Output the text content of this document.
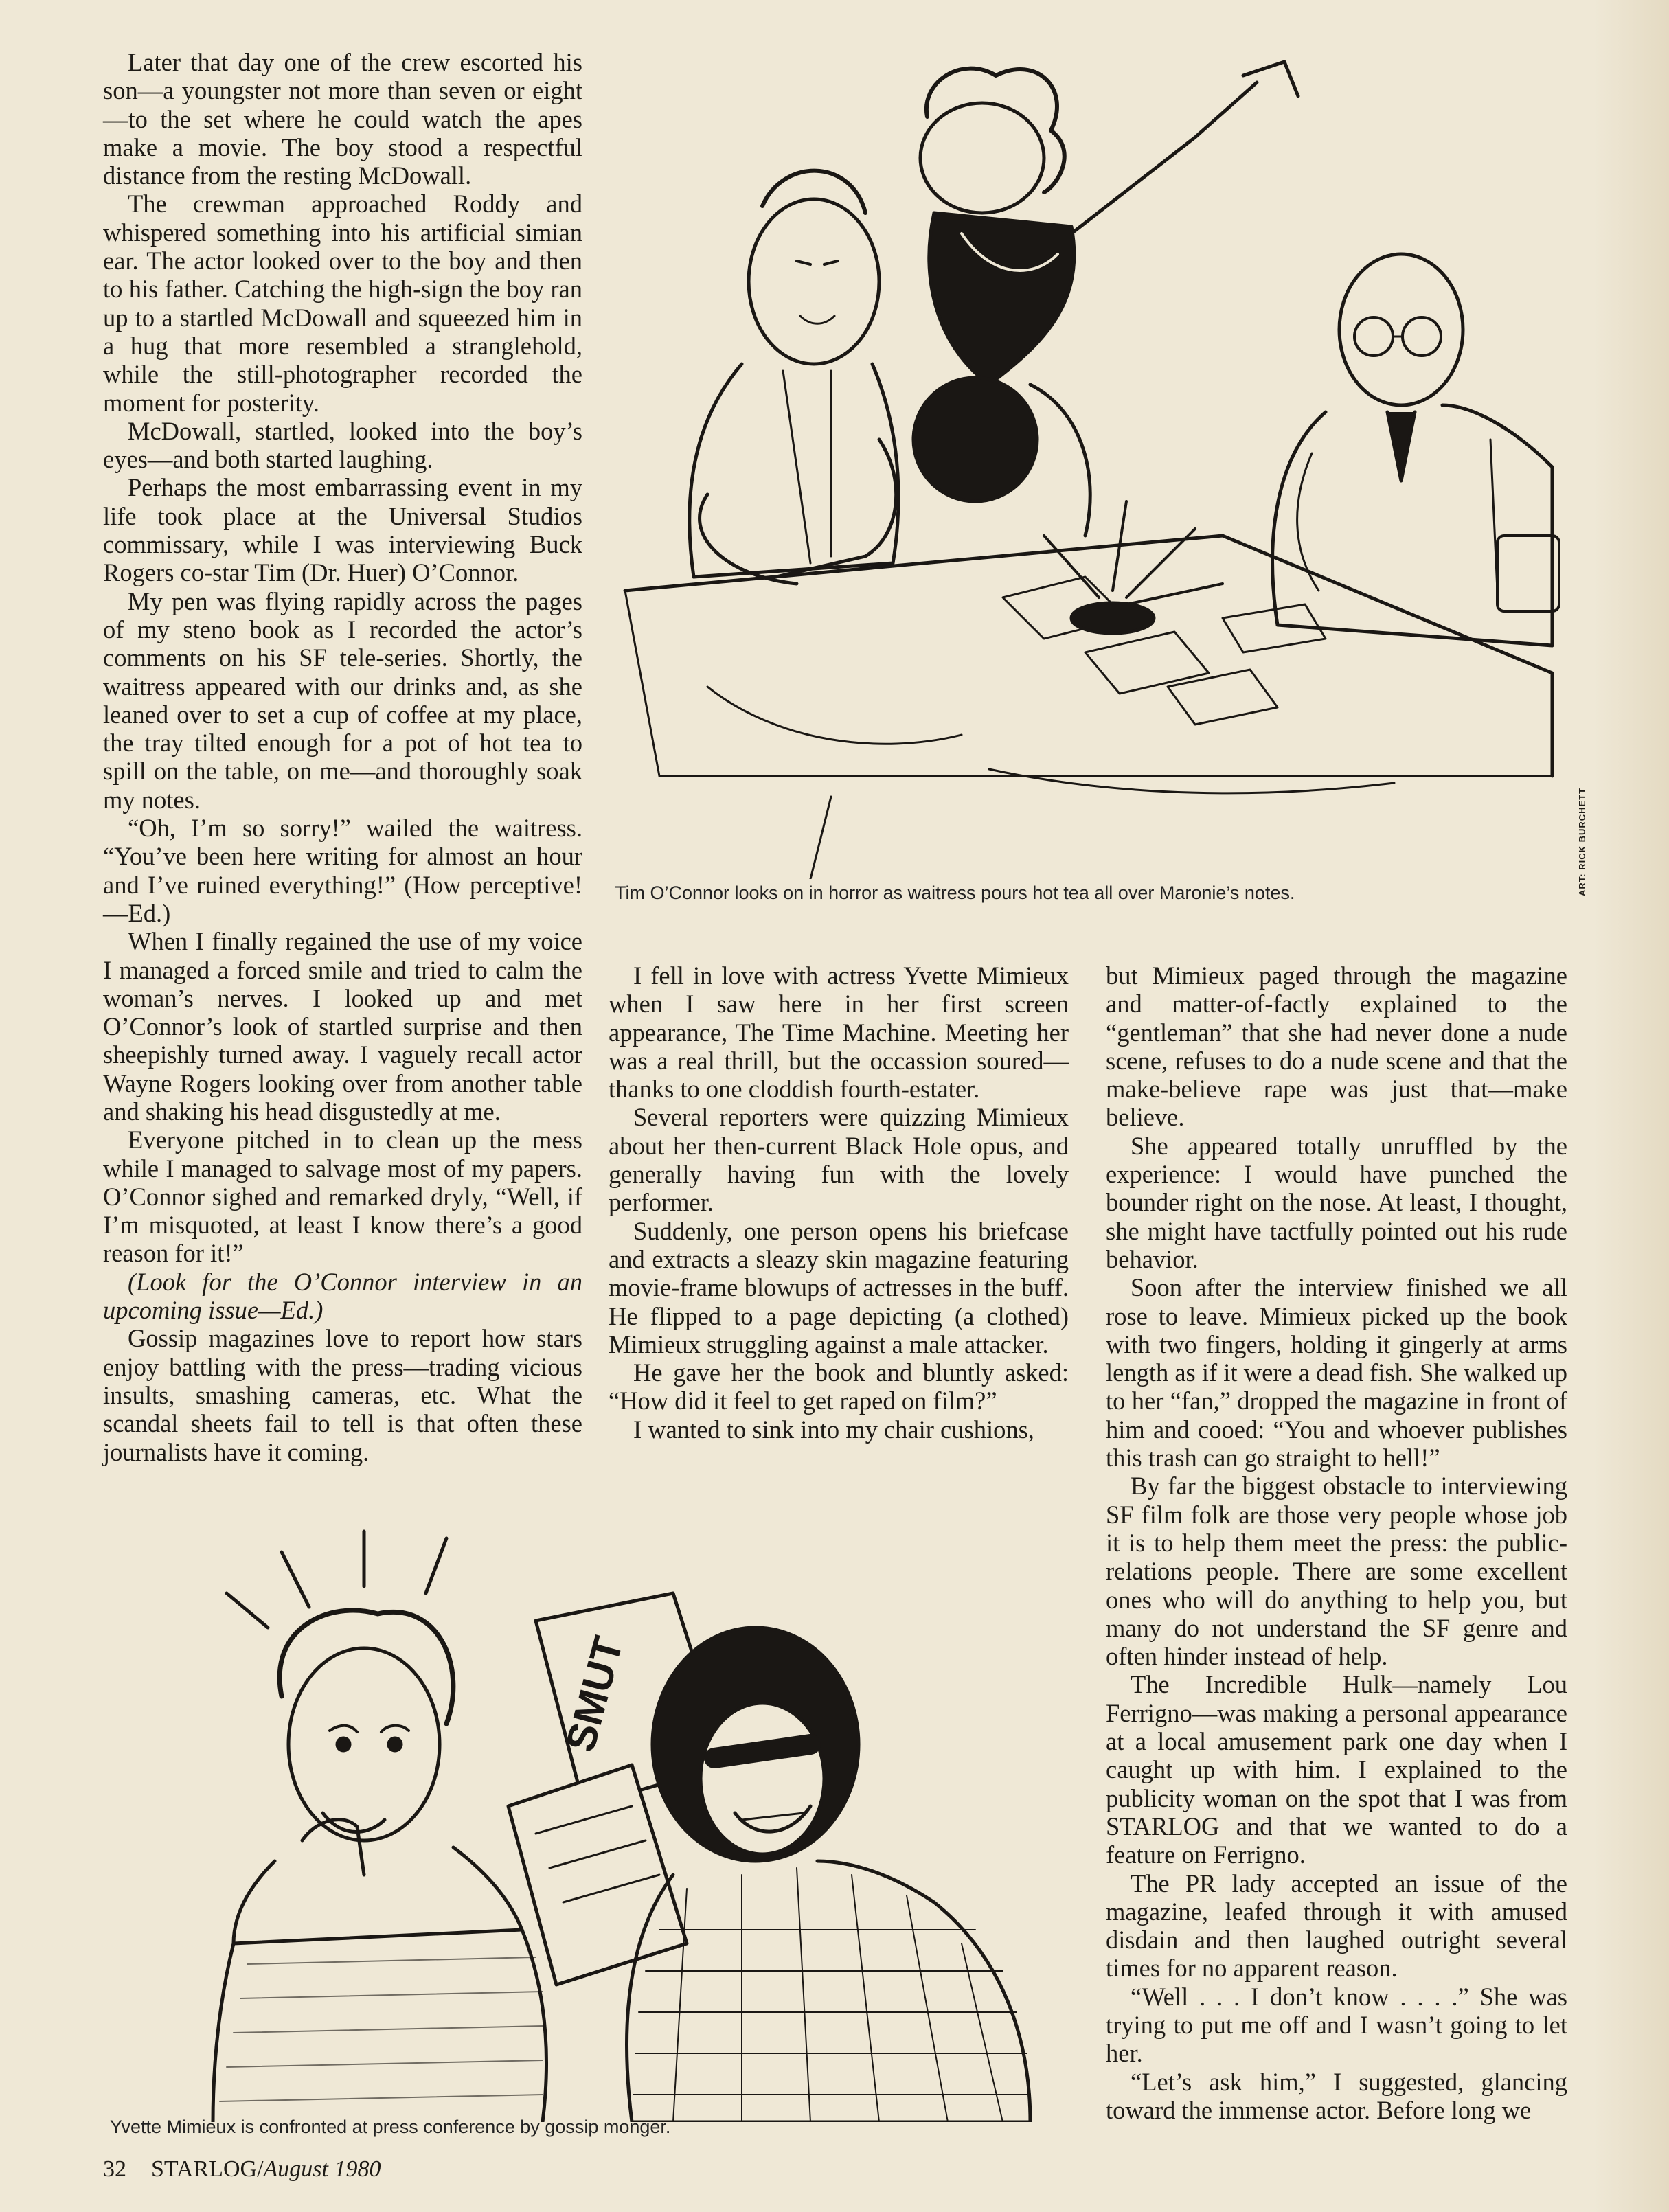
Later that day one of the crew escorted his son—a youngster not more than seven or eight—to the set where he could watch the apes make a movie. The boy stood a respectful distance from the resting McDowall.

The crewman approached Roddy and whispered something into his artificial simian ear. The actor looked over to the boy and then to his father. Catching the high-sign the boy ran up to a startled McDowall and squeezed him in a hug that more resembled a stranglehold, while the still-photographer recorded the moment for posterity.

McDowall, startled, looked into the boy’s eyes—and both started laughing.

Perhaps the most embarrassing event in my life took place at the Universal Studios commissary, while I was interviewing Buck Rogers co-star Tim (Dr. Huer) O’Connor.

My pen was flying rapidly across the pages of my steno book as I recorded the actor’s comments on his SF tele-series. Shortly, the waitress appeared with our drinks and, as she leaned over to set a cup of coffee at my place, the tray tilted enough for a pot of hot tea to spill on the table, on me—and thoroughly soak my notes.

“Oh, I’m so sorry!” wailed the waitress. “You’ve been here writing for almost an hour and I’ve ruined everything!” (How perceptive!—Ed.)

When I finally regained the use of my voice I managed a forced smile and tried to calm the woman’s nerves. I looked up and met O’Connor’s look of startled surprise and then sheepishly turned away. I vaguely recall actor Wayne Rogers looking over from another table and shaking his head disgustedly at me.

Everyone pitched in to clean up the mess while I managed to salvage most of my papers. O’Connor sighed and remarked dryly, “Well, if I’m misquoted, at least I know there’s a good reason for it!”

(Look for the O’Connor interview in an upcoming issue—Ed.)

Gossip magazines love to report how stars enjoy battling with the press—trading vicious insults, smashing cameras, etc. What the scandal sheets fail to tell is that often these journalists have it coming.

I fell in love with actress Yvette Mimieux when I saw here in her first screen appearance, The Time Machine. Meeting her was a real thrill, but the occassion soured—thanks to one cloddish fourth-estater.

Several reporters were quizzing Mimieux about her then-current Black Hole opus, and generally having fun with the lovely performer.

Suddenly, one person opens his briefcase and extracts a sleazy skin magazine featuring movie-frame blowups of actresses in the buff. He flipped to a page depicting (a clothed) Mimieux struggling against a male attacker.

He gave her the book and bluntly asked: “How did it feel to get raped on film?”

I wanted to sink into my chair cushions,

but Mimieux paged through the magazine and matter-of-factly explained to the “gentleman” that she had never done a nude scene, refuses to do a nude scene and that the make-believe rape was just that—make believe.

She appeared totally unruffled by the experience: I would have punched the bounder right on the nose. At least, I thought, she might have tactfully pointed out his rude behavior.

Soon after the interview finished we all rose to leave. Mimieux picked up the book with two fingers, holding it gingerly at arms length as if it were a dead fish. She walked up to her “fan,” dropped the magazine in front of him and cooed: “You and whoever publishes this trash can go straight to hell!”

By far the biggest obstacle to interviewing SF film folk are those very people whose job it is to help them meet the press: the public-relations people. There are some excellent ones who will do anything to help you, but many do not understand the SF genre and often hinder instead of help.

The Incredible Hulk—namely Lou Ferrigno—was making a personal appearance at a local amusement park one day when I caught up with him. I explained to the publicity woman on the spot that I was from STARLOG and that we wanted to do a feature on Ferrigno.

The PR lady accepted an issue of the magazine, leafed through it with amused disdain and then laughed outright several times for no apparent reason.

“Well . . . I don’t know . . . .” She was trying to put me off and I wasn’t going to let her.

“Let’s ask him,” I suggested, glancing toward the immense actor. Before long we

Tim O’Connor looks on in horror as waitress pours hot tea all over Maronie’s notes.	ART: RICK BURCHETT
SMUT
Yvette Mimieux is confronted at press conference by gossip monger.
32 STARLOG/August 1980
